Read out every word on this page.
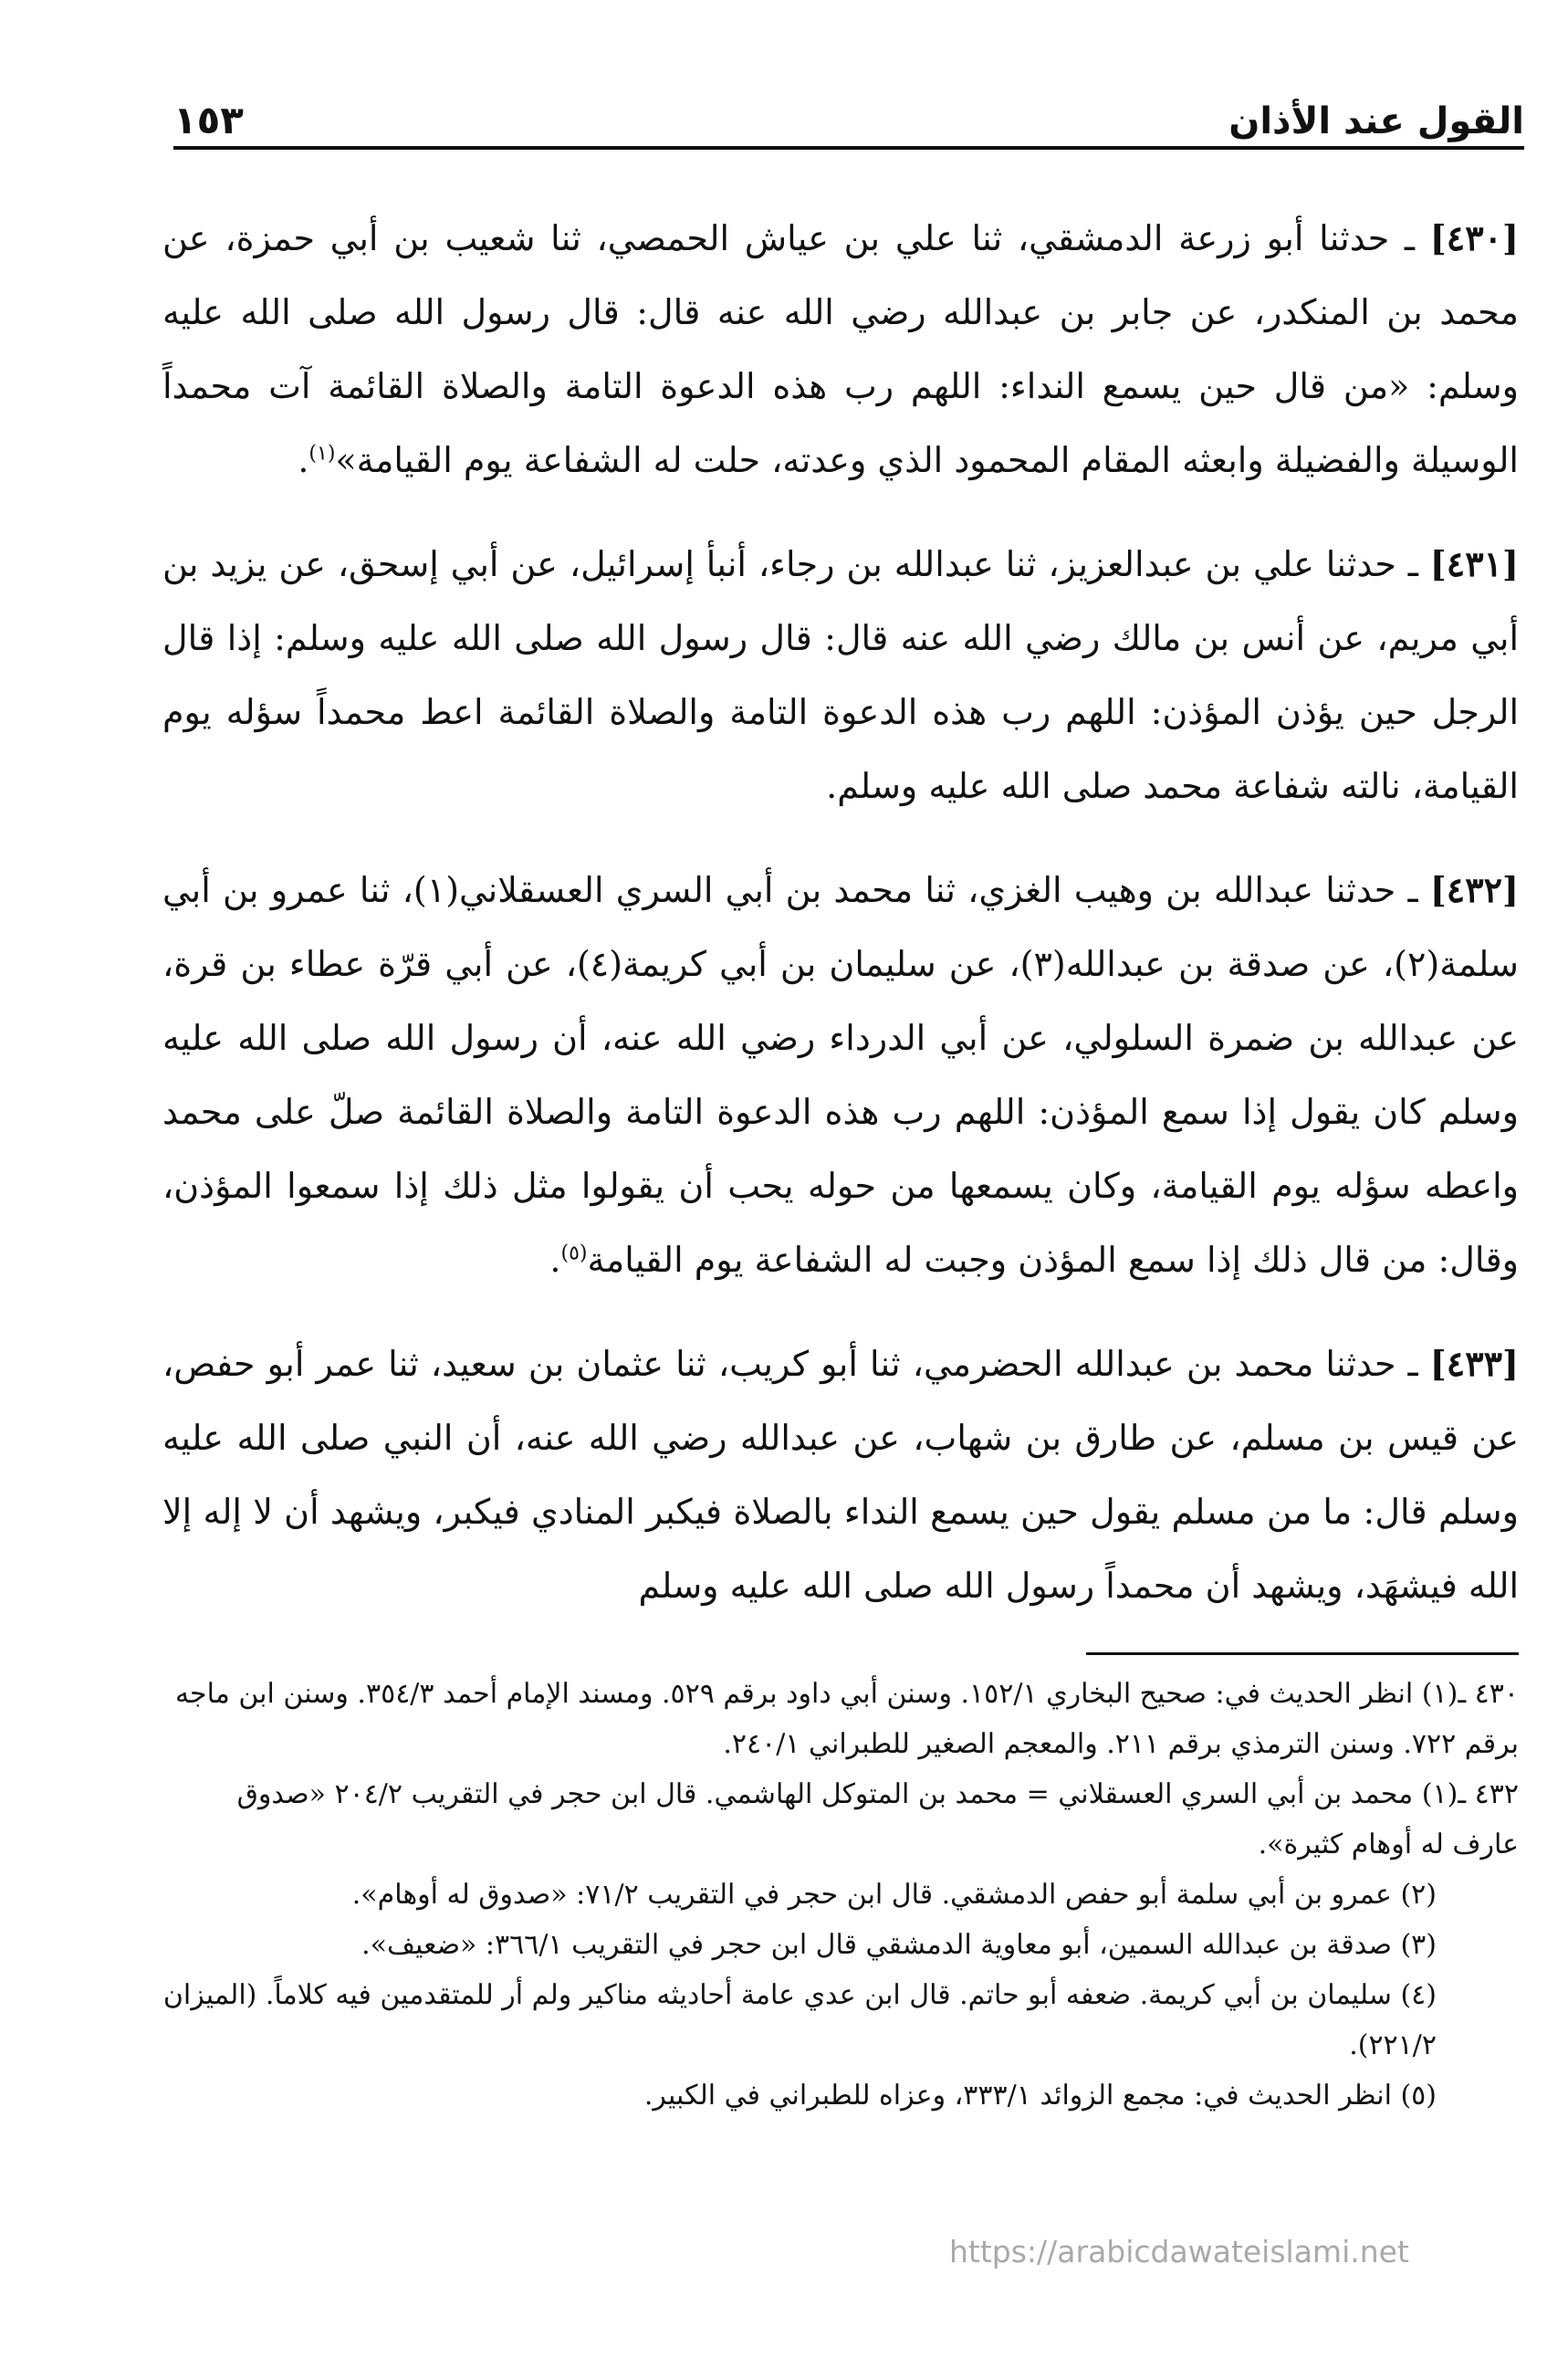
القول عند الأذان
١٥٣

[٤٣٠] ـ حدثنا أبو زرعة الدمشقي، ثنا علي بن عياش الحمصي، ثنا شعيب بن أبي حمزة، عن محمد بن المنكدر، عن جابر بن عبدالله رضي الله عنه قال: قال رسول الله صلى الله عليه وسلم: «من قال حين يسمع النداء: اللهم رب هذه الدعوة التامة والصلاة القائمة آت محمداً الوسيلة والفضيلة وابعثه المقام المحمود الذي وعدته، حلت له الشفاعة يوم القيامة»$^{(١)}$.

[٤٣١] ـ حدثنا علي بن عبدالعزيز، ثنا عبدالله بن رجاء، أنبأ إسرائيل، عن أبي إسحق، عن يزيد بن أبي مريم، عن أنس بن مالك رضي الله عنه قال: قال رسول الله صلى الله عليه وسلم: إذا قال الرجل حين يؤذن المؤذن: اللهم رب هذه الدعوة التامة والصلاة القائمة اعط محمداً سؤله يوم القيامة، نالته شفاعة محمد صلى الله عليه وسلم.

[٤٣٢] ـ حدثنا عبدالله بن وهيب الغزي، ثنا محمد بن أبي السري العسقلاني(١)، ثنا عمرو بن أبي سلمة(٢)، عن صدقة بن عبدالله(٣)، عن سليمان بن أبي كريمة(٤)، عن أبي قرّة عطاء بن قرة، عن عبدالله بن ضمرة السلولي، عن أبي الدرداء رضي الله عنه، أن رسول الله صلى الله عليه وسلم كان يقول إذا سمع المؤذن: اللهم رب هذه الدعوة التامة والصلاة القائمة صلّ على محمد واعطه سؤله يوم القيامة، وكان يسمعها من حوله يحب أن يقولوا مثل ذلك إذا سمعوا المؤذن، وقال: من قال ذلك إذا سمع المؤذن وجبت له الشفاعة يوم القيامة$^{(٥)}$.

[٤٣٣] ـ حدثنا محمد بن عبدالله الحضرمي، ثنا أبو كريب، ثنا عثمان بن سعيد، ثنا عمر أبو حفص، عن قيس بن مسلم، عن طارق بن شهاب، عن عبدالله رضي الله عنه، أن النبي صلى الله عليه وسلم قال: ما من مسلم يقول حين يسمع النداء بالصلاة فيكبر المنادي فيكبر، ويشهد أن لا إله إلا الله فيشهَد، ويشهد أن محمداً رسول الله صلى الله عليه وسلم

٤٣٠ ـ(١) انظر الحديث في: صحيح البخاري ١٥٢/١. وسنن أبي داود برقم ٥٢٩. ومسند الإمام أحمد ٣٥٤/٣. وسنن ابن ماجه برقم ٧٢٢. وسنن الترمذي برقم ٢١١. والمعجم الصغير للطبراني ٢٤٠/١.

٤٣٢ ـ(١) محمد بن أبي السري العسقلاني = محمد بن المتوكل الهاشمي. قال ابن حجر في التقريب ٢٠٤/٢ «صدوق عارف له أوهام كثيرة».

(٢) عمرو بن أبي سلمة أبو حفص الدمشقي. قال ابن حجر في التقريب ٧١/٢: «صدوق له أوهام».

(٣) صدقة بن عبدالله السمين، أبو معاوية الدمشقي قال ابن حجر في التقريب ٣٦٦/١: «ضعيف».

(٤) سليمان بن أبي كريمة. ضعفه أبو حاتم. قال ابن عدي عامة أحاديثه مناكير ولم أر للمتقدمين فيه كلاماً. (الميزان ٢٢١/٢).

(٥) انظر الحديث في: مجمع الزوائد ٣٣٣/١، وعزاه للطبراني في الكبير.

https://arabicdawateislami.net
